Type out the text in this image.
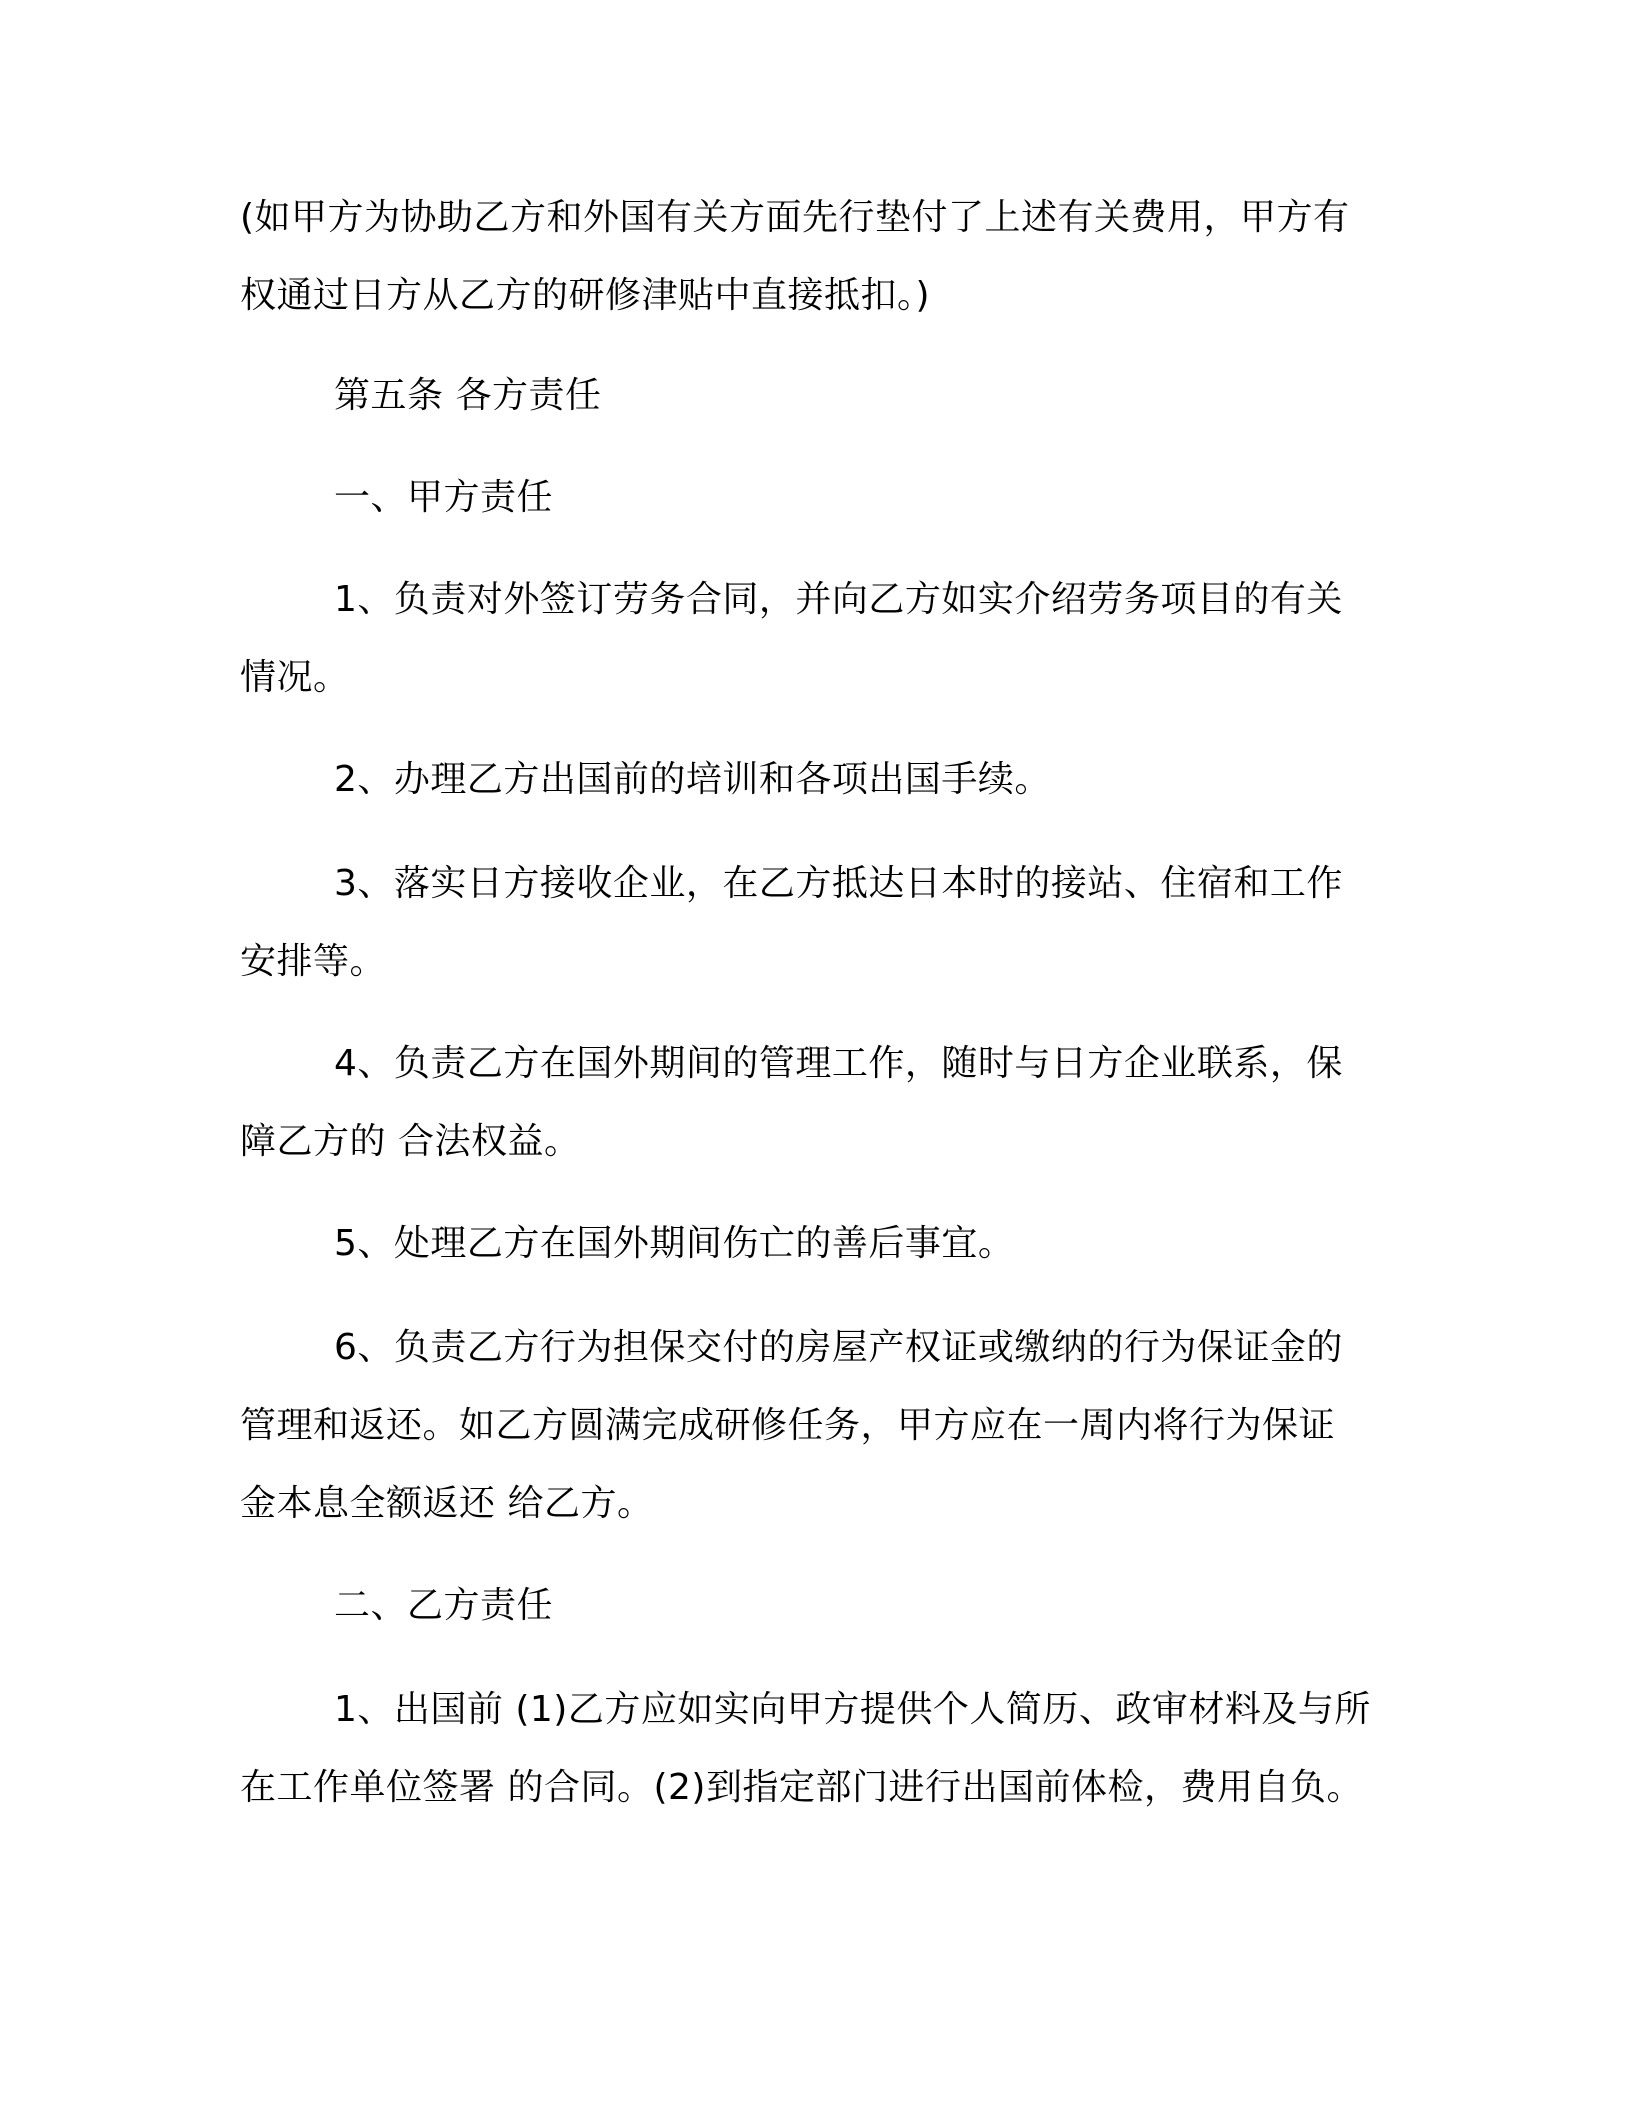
(如甲方为协助乙方和外国有关方面先行垫付了上述有关费用，甲方有
权通过日方从乙方的研修津贴中直接抵扣。)
第五条 各方责任
一、甲方责任
1、负责对外签订劳务合同，并向乙方如实介绍劳务项目的有关
情况。
2、办理乙方出国前的培训和各项出国手续。
3、落实日方接收企业，在乙方抵达日本时的接站、住宿和工作
安排等。
4、负责乙方在国外期间的管理工作，随时与日方企业联系，保
障乙方的 合法权益。
5、处理乙方在国外期间伤亡的善后事宜。
6、负责乙方行为担保交付的房屋产权证或缴纳的行为保证金的
管理和返还。如乙方圆满完成研修任务，甲方应在一周内将行为保证
金本息全额返还 给乙方。
二、乙方责任
1、出国前 (1)乙方应如实向甲方提供个人简历、政审材料及与所
在工作单位签署 的合同。(2)到指定部门进行出国前体检，费用自负。
